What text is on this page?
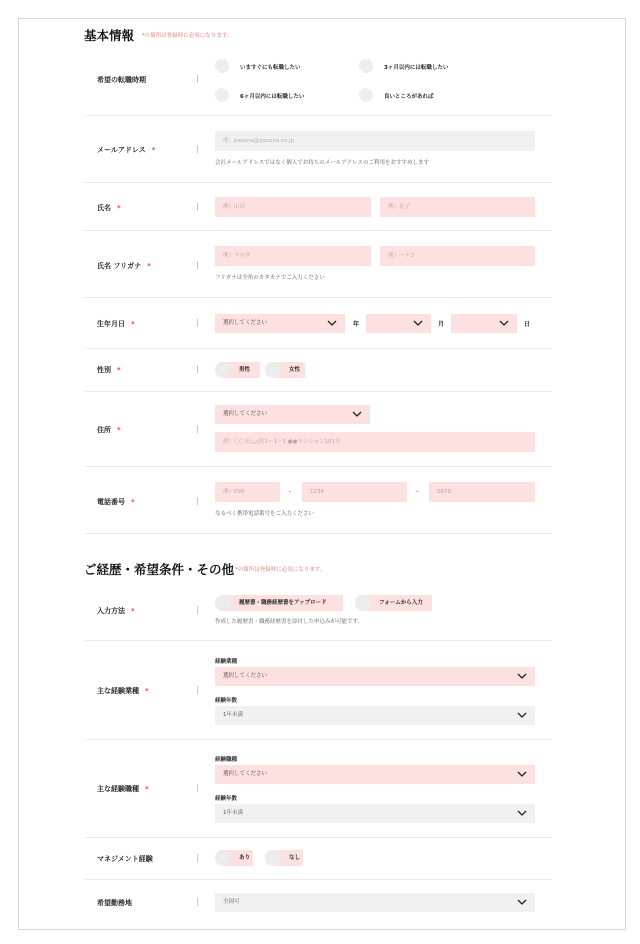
基本情報 *の箇所は登録時に必須になります。
希望の転職時期
いますぐにも転職したい	3ヶ月以内には転職したい
6ヶ月以内には転職したい	良いところがあれば
メールアドレス *
例）pasona@pasona.co.jp
会社メールアドレスではなく個人でお持ちのメールアドレスのご利用をおすすめします
氏名 *	例）山田	例）花子
氏名 フリガナ *
例）ヤマダ	例）ハナコ
フリガナは全角のカタカナでご入力ください
生年月日 *	選択してください	年	月	日
性別 *	男性	女性
住所 *
選択してください
例）〇〇市△△町1ー1ー1 ●●マンション101号
電話番号 *
例）090	-	1234	-	5678
なるべく携帯電話番号をご入力ください
ご経歴・希望条件・その他 *の箇所は登録時に必須になります。
入力方法 *
履歴書・職務経歴書をアップロード	フォームから入力
作成した履歴書・職務経歴書を添付した申込みが可能です。
主な経験業種 *
経験業種
選択してください
経験年数
1年未満
主な経験職種 *
経験職種
選択してください
経験年数
1年未満
マネジメント経験	あり	なし
希望勤務地	全国可
